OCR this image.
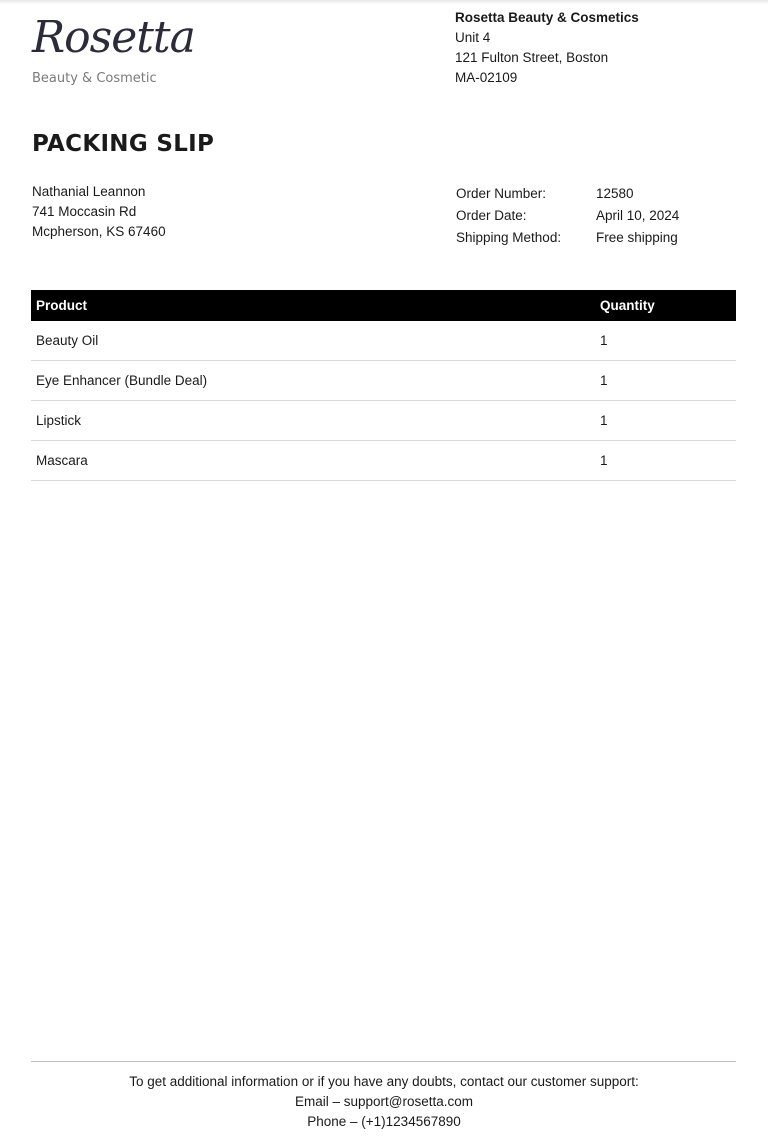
Rosetta
Beauty & Cosmetic
Rosetta Beauty & Cosmetics
Unit 4
121 Fulton Street, Boston
MA-02109
PACKING SLIP
Nathanial Leannon
741 Moccasin Rd
Mcpherson, KS 67460
Order Number:	12580
Order Date:	April 10, 2024
Shipping Method:	Free shipping
Product	Quantity
Beauty Oil	1
Eye Enhancer (Bundle Deal)	1
Lipstick	1
Mascara	1
To get additional information or if you have any doubts, contact our customer support:
Email – support@rosetta.com
Phone – (+1)1234567890
